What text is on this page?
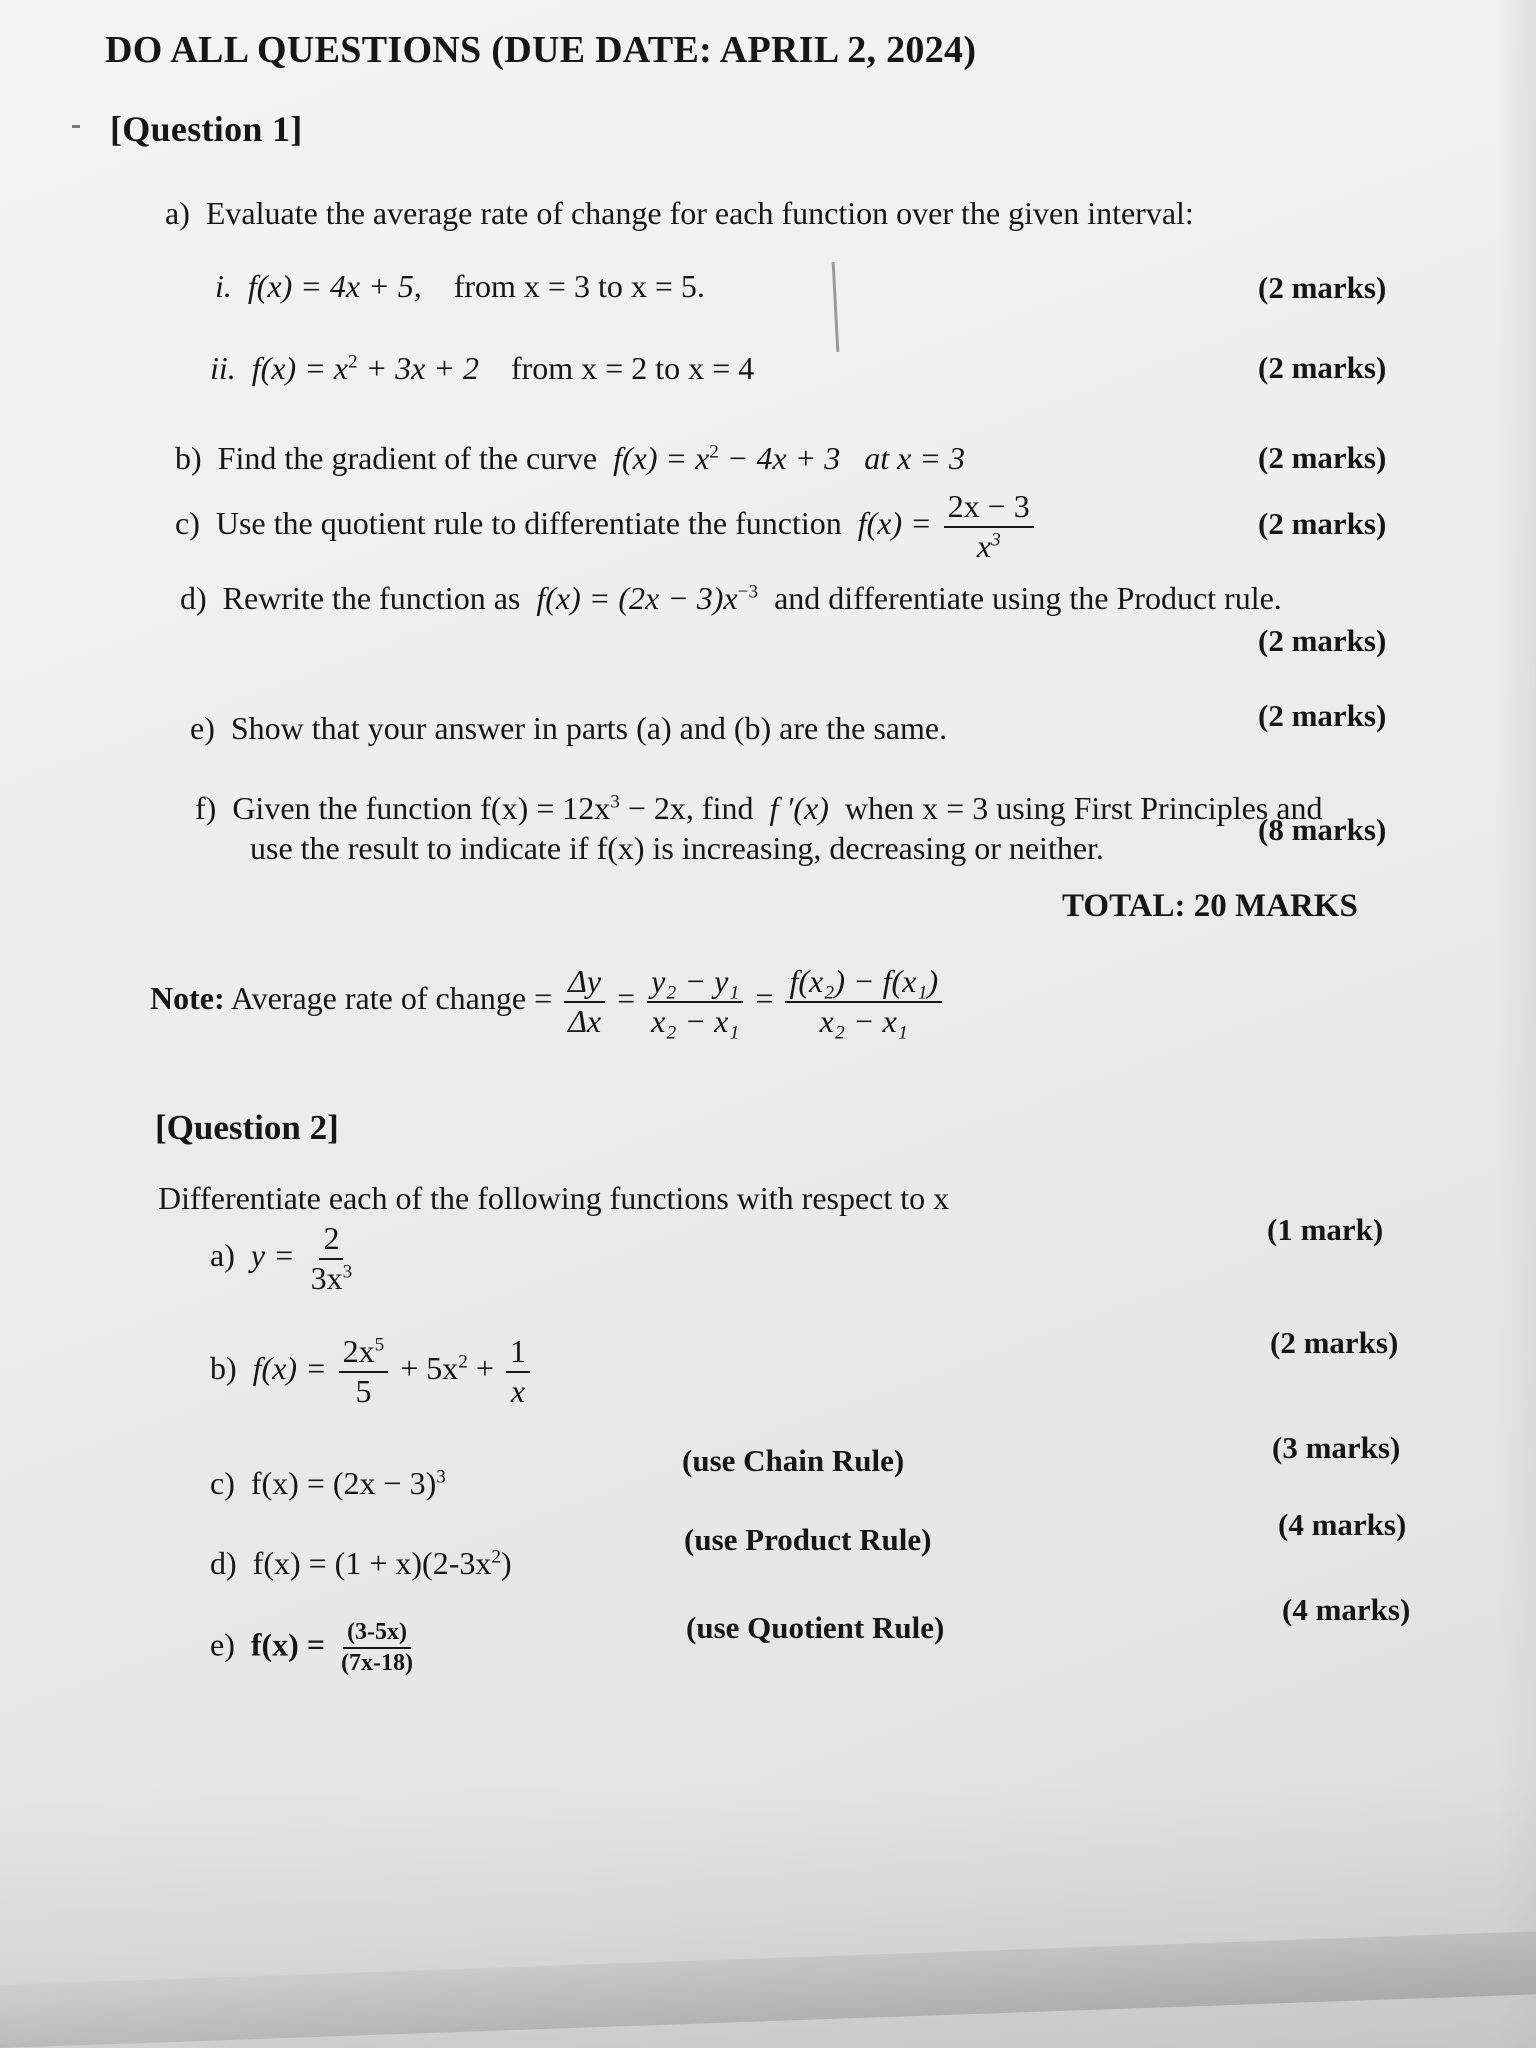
DO ALL QUESTIONS (DUE DATE: APRIL 2, 2024)
[Question 1]
a) Evaluate the average rate of change for each function over the given interval:
i. f(x) = 4x + 5, from x = 3 to x = 5.	(2 marks)
ii. $f(x) = x^2 + 3x + 2$ from x = 2 to x = 4	(2 marks)
b) Find the gradient of the curve $f(x) = x^2 - 4x + 3$ at x = 3	(2 marks)
c) Use the quotient rule to differentiate the function $f(x) = \frac{2x - 3}{x^3}$	(2 marks)
d) Rewrite the function as $f(x) = (2x - 3)x^{-3}$ and differentiate using the Product rule.
(2 marks)
e) Show that your answer in parts (a) and (b) are the same.	(2 marks)
f) Given the function $f(x) = 12x^3 - 2x$, find f ′(x) when x = 3 using First Principles and
use the result to indicate if f(x) is increasing, decreasing or neither.
(8 marks)
TOTAL: 20 MARKS
Note: Average rate of change = $\frac{\Delta y}{\Delta x} = \frac{\text{y₂ − y₁}}{\text{x₂ − x₁}} = \frac{\text{f(x₂) − f(x₁)}}{\text{x₂ − x₁}}$
[Question 2]
Differentiate each of the following functions with respect to x
a) $y = \frac{2}{3x^3}$	(1 mark)
b) $f(x) = \frac{2x^5}{5} + 5x^2 + \frac{1}{x}$	(2 marks)
c) $f(x) = (2x - 3)^3$	(use Chain Rule)	(3 marks)
d) $f(x) = (1 + x)(2-3x^2)$
(use Product Rule)	(4 marks)
e) $f(x) = \frac{(3-5x)}{(7x-18)}$	(use Quotient Rule)
(4 marks)
